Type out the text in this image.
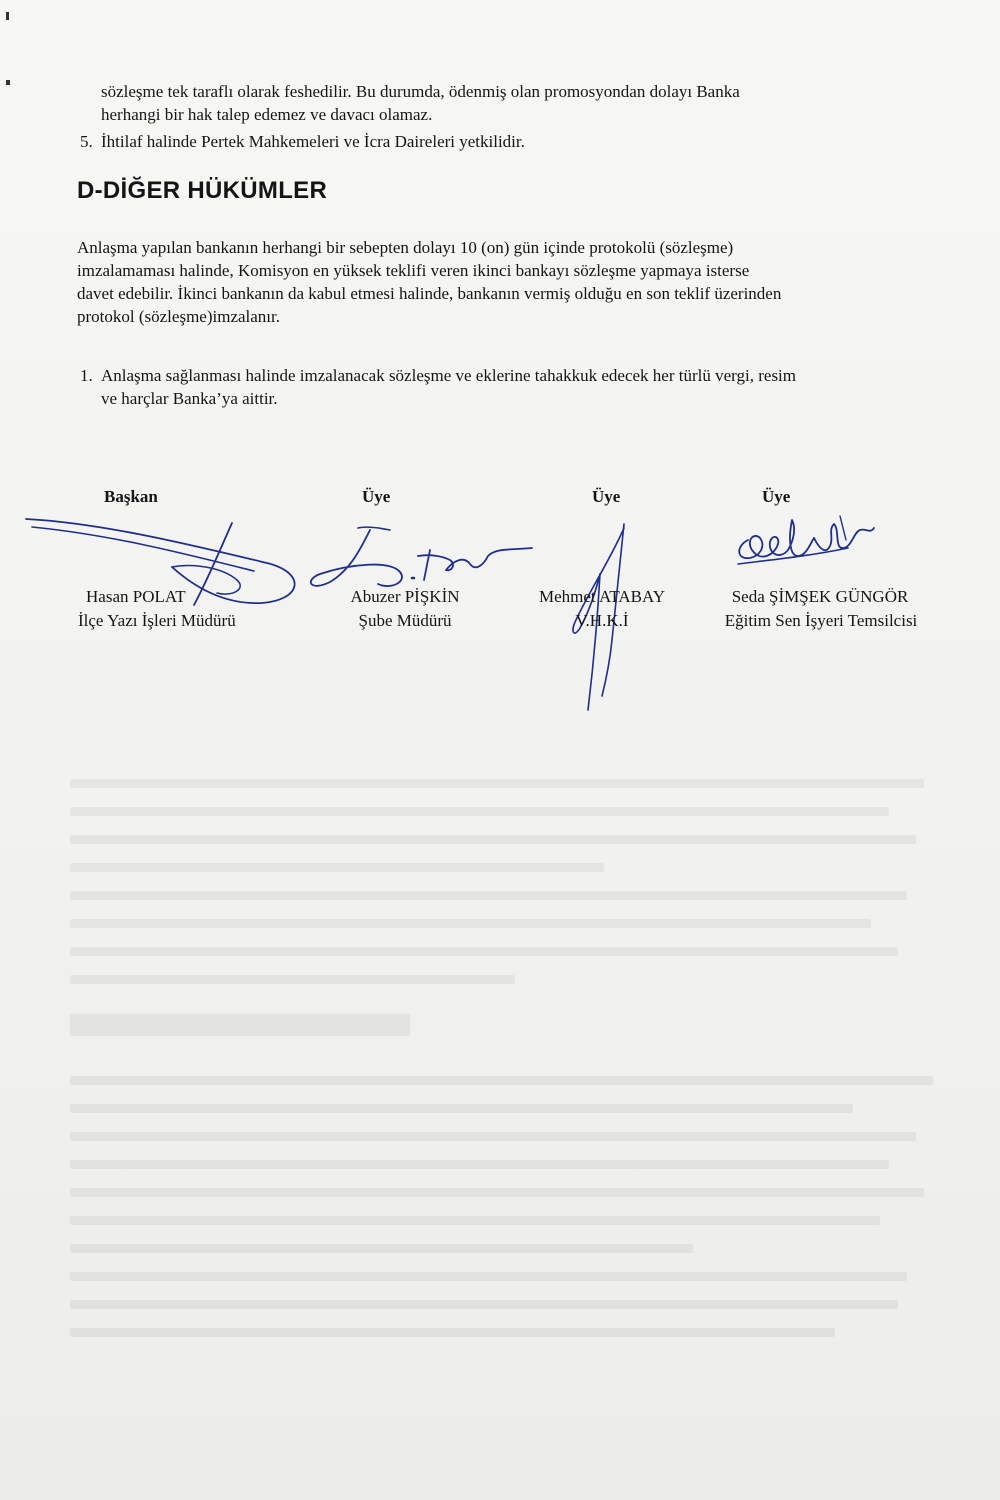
sözleşme tek taraflı olarak feshedilir. Bu durumda, ödenmiş olan promosyondan dolayı Banka
herhangi bir hak talep edemez ve davacı olamaz.
5. İhtilaf halinde Pertek Mahkemeleri ve İcra Daireleri yetkilidir.
D-DİĞER HÜKÜMLER
Anlaşma yapılan bankanın herhangi bir sebepten dolayı 10 (on) gün içinde protokolü (sözleşme)
imzalamaması halinde, Komisyon en yüksek teklifi veren ikinci bankayı sözleşme yapmaya isterse
davet edebilir. İkinci bankanın da kabul etmesi halinde, bankanın vermiş olduğu en son teklif üzerinden
protokol (sözleşme)imzalanır.
1. Anlaşma sağlanması halinde imzalanacak sözleşme ve eklerine tahakkuk edecek her türlü vergi, resim
ve harçlar Banka’ya aittir.
Başkan	Üye	Üye	Üye
Hasan POLAT	Abuzer PİŞKİN	Mehmet ATABAY	Seda ŞİMŞEK GÜNGÖR
İlçe Yazı İşleri Müdürü	Şube Müdürü	V.H.K.İ	Eğitim Sen İşyeri Temsilcisi
